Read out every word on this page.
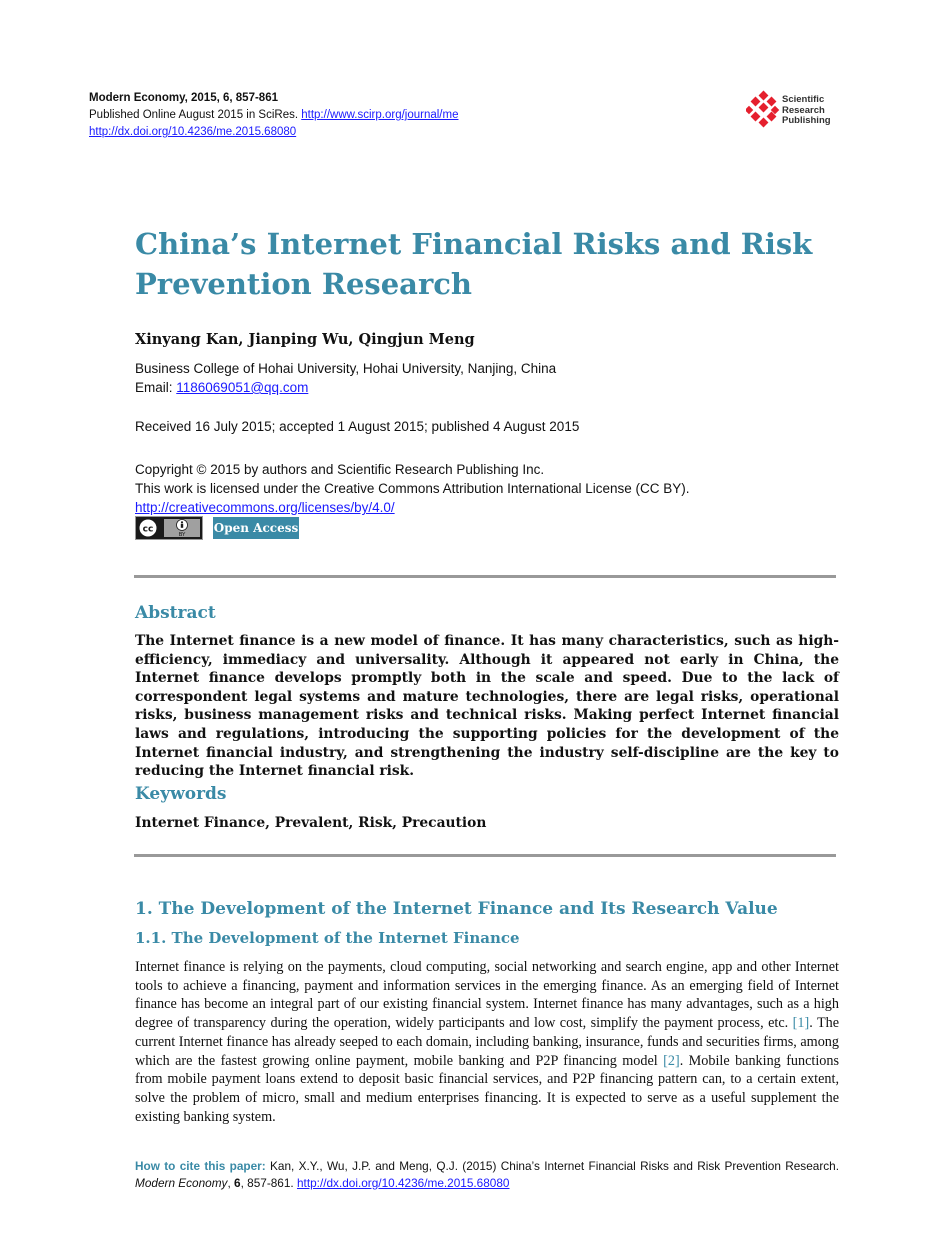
Modern Economy, 2015, 6, 857-861
Published Online August 2015 in SciRes. http://www.scirp.org/journal/me
http://dx.doi.org/10.4236/me.2015.68080
Scientific
Research
Publishing
China’s Internet Financial Risks and Risk
Prevention Research
Xinyang Kan, Jianping Wu, Qingjun Meng
Business College of Hohai University, Hohai University, Nanjing, China
Email: 1186069051@qq.com
Received 16 July 2015; accepted 1 August 2015; published 4 August 2015
Copyright © 2015 by authors and Scientific Research Publishing Inc.
This work is licensed under the Creative Commons Attribution International License (CC BY).
http://creativecommons.org/licenses/by/4.0/
cc
BY Open Access
Abstract

The Internet finance is a new model of finance. It has many characteristics, such as high-efficiency, immediacy and universality. Although it appeared not early in China, the Internet finance develops promptly both in the scale and speed. Due to the lack of correspondent legal systems and mature technologies, there are legal risks, operational risks, business management risks and technical risks. Making perfect Internet financial laws and regulations, introducing the supporting policies for the development of the Internet financial industry, and strengthening the industry self-discipline are the key to reducing the Internet financial risk.

Keywords
Internet Finance, Prevalent, Risk, Precaution
1. The Development of the Internet Finance and Its Research Value
1.1. The Development of the Internet Finance

Internet finance is relying on the payments, cloud computing, social networking and search engine, app and other Internet tools to achieve a financing, payment and information services in the emerging finance. As an emerging field of Internet finance has become an integral part of our existing financial system. Internet finance has many advantages, such as a high degree of transparency during the operation, widely participants and low cost, simplify the payment process, etc. [1]. The current Internet finance has already seeped to each domain, including banking, insurance, funds and securities firms, among which are the fastest growing online payment, mobile banking and P2P financing model [2]. Mobile banking functions from mobile payment loans extend to deposit basic financial services, and P2P financing pattern can, to a certain extent, solve the problem of micro, small and medium enterprises financing. It is expected to serve as a useful supplement the existing banking system.

How to cite this paper: Kan, X.Y., Wu, J.P. and Meng, Q.J. (2015) China’s Internet Financial Risks and Risk Prevention Research. Modern Economy, 6, 857-861. http://dx.doi.org/10.4236/me.2015.68080
